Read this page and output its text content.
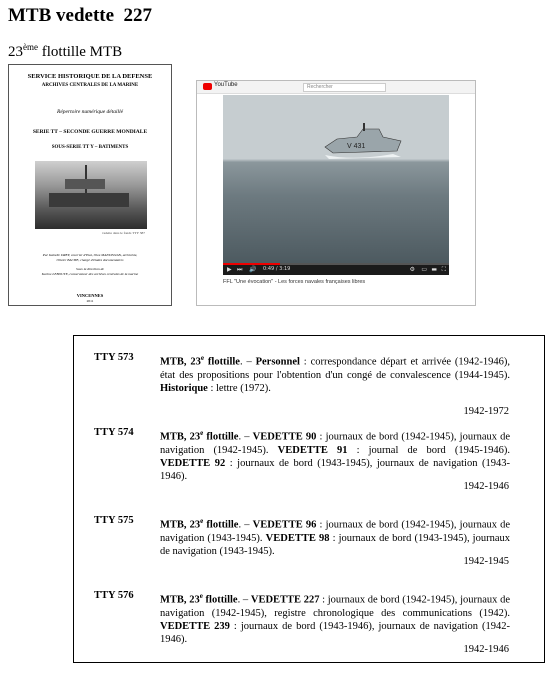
MTB vedette  227
23ème flottille MTB
SERVICE HISTORIQUE DE LA DEFENSE
ARCHIVES CENTRALES DE LA MARINE
Répertoire numérique détaillé
SERIE TT – SECONDE GUERRE MONDIALE
SOUS-SERIE TT Y – BATIMENTS
vedette dans le fonds TTY 387
Par Isabelle DREY, courrier d'Etat, Olca MANUELIAN, archiviste,
Olivier BACHE, chargé d'études documentaires
Sous la direction de
Karine LEBOUTE, conservateur des archives centrales de la marine
VINCENNES
2011
YouTube	Rechercher
V 431
▶ ⏭ 🔊 0:49 / 3:19	⚙ ▭ ▬ ⛶
FFL "Une évocation" - Les forces navales françaises libres
TTY 573	MTB, 23e flottille. – Personnel : correspondance départ et arrivée (1942-1946), état des propositions pour l'obtention d'un congé de convalescence (1944-1945). Historique : lettre (1972).
1942-1972
TTY 574	MTB, 23e flottille. – VEDETTE 90 : journaux de bord (1942-1945), journaux de navigation (1942-1945). VEDETTE 91 : journal de bord (1945-1946). VEDETTE 92 : journaux de bord (1943-1945), journaux de navigation (1943-1946).
1942-1946
TTY 575	MTB, 23e flottille. – VEDETTE 96 : journaux de bord (1942-1945), journaux de navigation (1943-1945). VEDETTE 98 : journaux de bord (1943-1945), journaux de navigation (1943-1945).
1942-1945
TTY 576	MTB, 23e flottille. – VEDETTE 227 : journaux de bord (1942-1945), journaux de navigation (1942-1945), registre chronologique des communications (1942). VEDETTE 239 : journaux de bord (1943-1946), journaux de navigation (1942-1946).
1942-1946
